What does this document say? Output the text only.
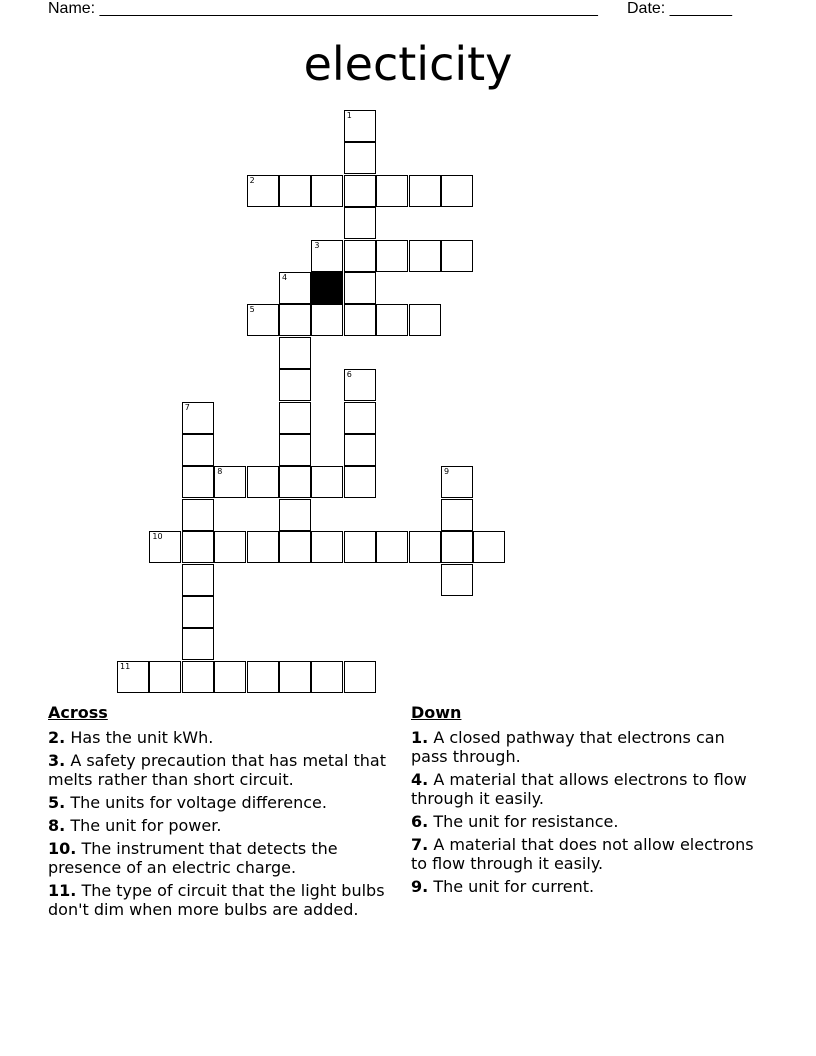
Name: ________________________________________________________ Date: _______
electicity
1
2
3
4
5
6
7
8	9
10
11
Across
2. Has the unit kWh.
3. A safety precaution that has metal that melts rather than short circuit.
5. The units for voltage difference.
8. The unit for power.
10. The instrument that detects the presence of an electric charge.
11. The type of circuit that the light bulbs don't dim when more bulbs are added.
Down
1. A closed pathway that electrons can pass through.
4. A material that allows electrons to flow through it easily.
6. The unit for resistance.
7. A material that does not allow electrons to flow through it easily.
9. The unit for current.
